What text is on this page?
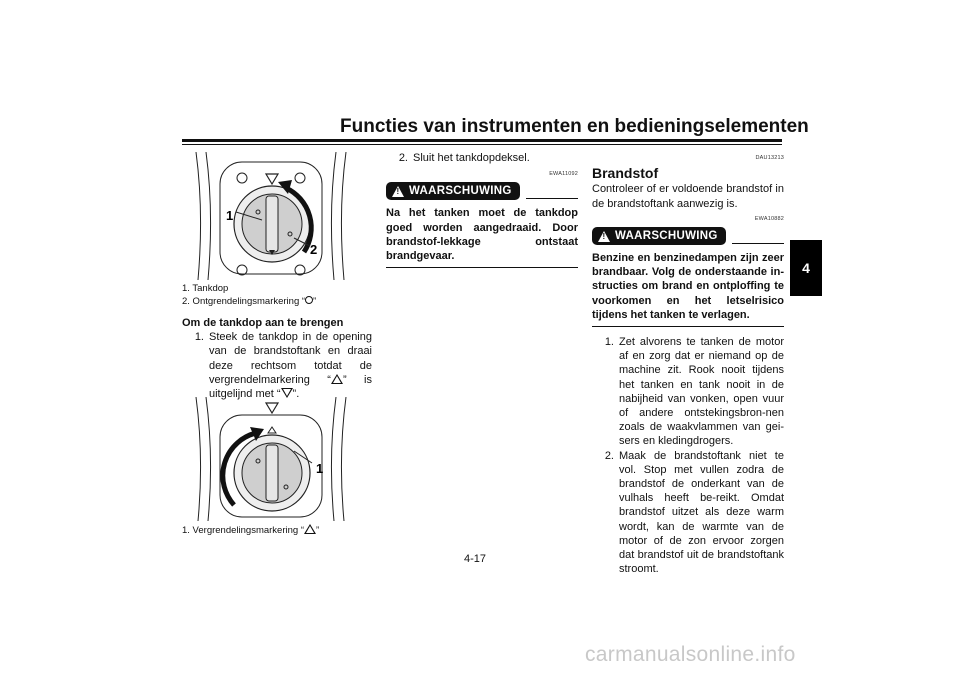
Functies van instrumenten en bedieningselementen
4
1
2
1. Tankdop
2. Ontgrendelingsmarkering “ ”

Om de tankdop aan te brengen

1. Steek de tankdop in de opening van de brandstoftank en draai deze rechtsom totdat de vergrendelmarkering “ ” is uitgelijnd met “ ”.
1
1. Vergrendelingsmarkering “ ”
2. Sluit het tankdopdeksel.
EWA11092
! WAARSCHUWING
Na het tanken moet de tankdop goed worden aangedraaid. Door brandstof-lekkage ontstaat brandgevaar.
DAU13213
Brandstof

Controleer of er voldoende brandstof in de brandstoftank aanwezig is.

EWA10882
! WAARSCHUWING
Benzine en benzinedampen zijn zeer brandbaar. Volg de onderstaande in-structies om brand en ontploffing te voorkomen en het letselrisico tijdens het tanken te verlagen.
1. Zet alvorens te tanken de motor af en zorg dat er niemand op de machine zit. Rook nooit tijdens het tanken en tank nooit in de nabijheid van vonken, open vuur of andere ontstekingsbron-nen zoals de waakvlammen van gei-sers en kledingdrogers.
2. Maak de brandstoftank niet te vol. Stop met vullen zodra de brandstof de onderkant van de vulhals heeft be-reikt. Omdat brandstof uitzet als deze warm wordt, kan de warmte van de motor of de zon ervoor zorgen dat brandstof uit de brandstoftank stroomt.
4-17
carmanualsonline.info
